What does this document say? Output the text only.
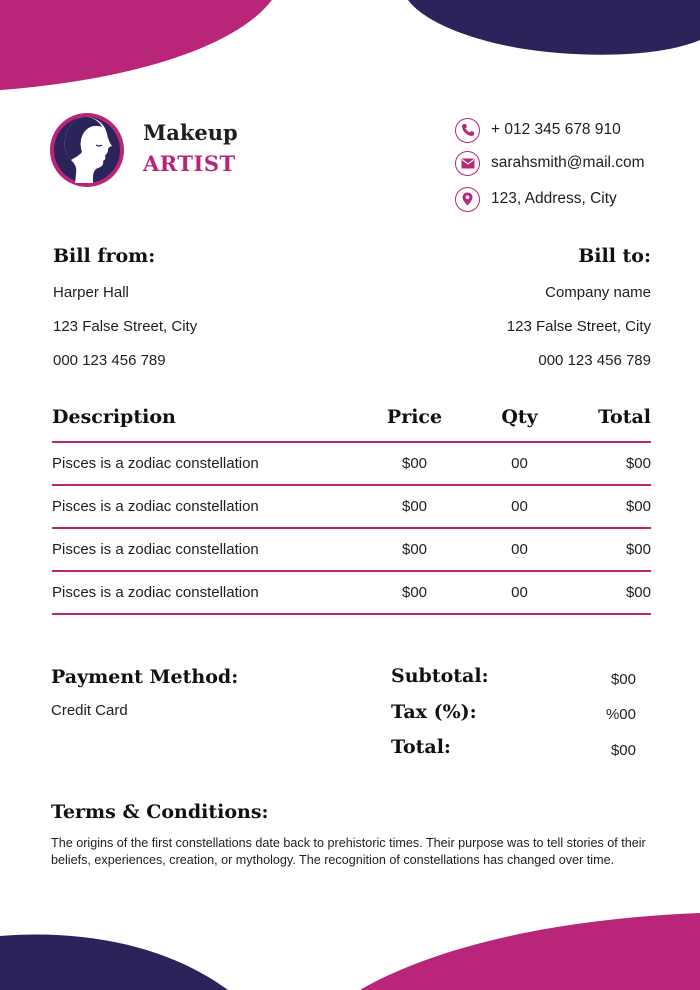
Makeup
ARTIST
+ 012 345 678 910
sarahsmith@mail.com
123, Address, City
Bill from:
Harper Hall
123 False Street, City
000 123 456 789
Bill to:
Company name
123 False Street, City
000 123 456 789
Description	Price	Qty	Total
Pisces is a zodiac constellation	$00	00	$00
Pisces is a zodiac constellation	$00	00	$00
Pisces is a zodiac constellation	$00	00	$00
Pisces is a zodiac constellation	$00	00	$00
Payment Method:
Credit Card
Subtotal:	$00
Tax (%):	%00
Total:	$00
Terms & Conditions:
The origins of the first constellations date back to prehistoric times. Their purpose was to tell stories of their beliefs, experiences, creation, or mythology. The recognition of constellations has changed over time.
